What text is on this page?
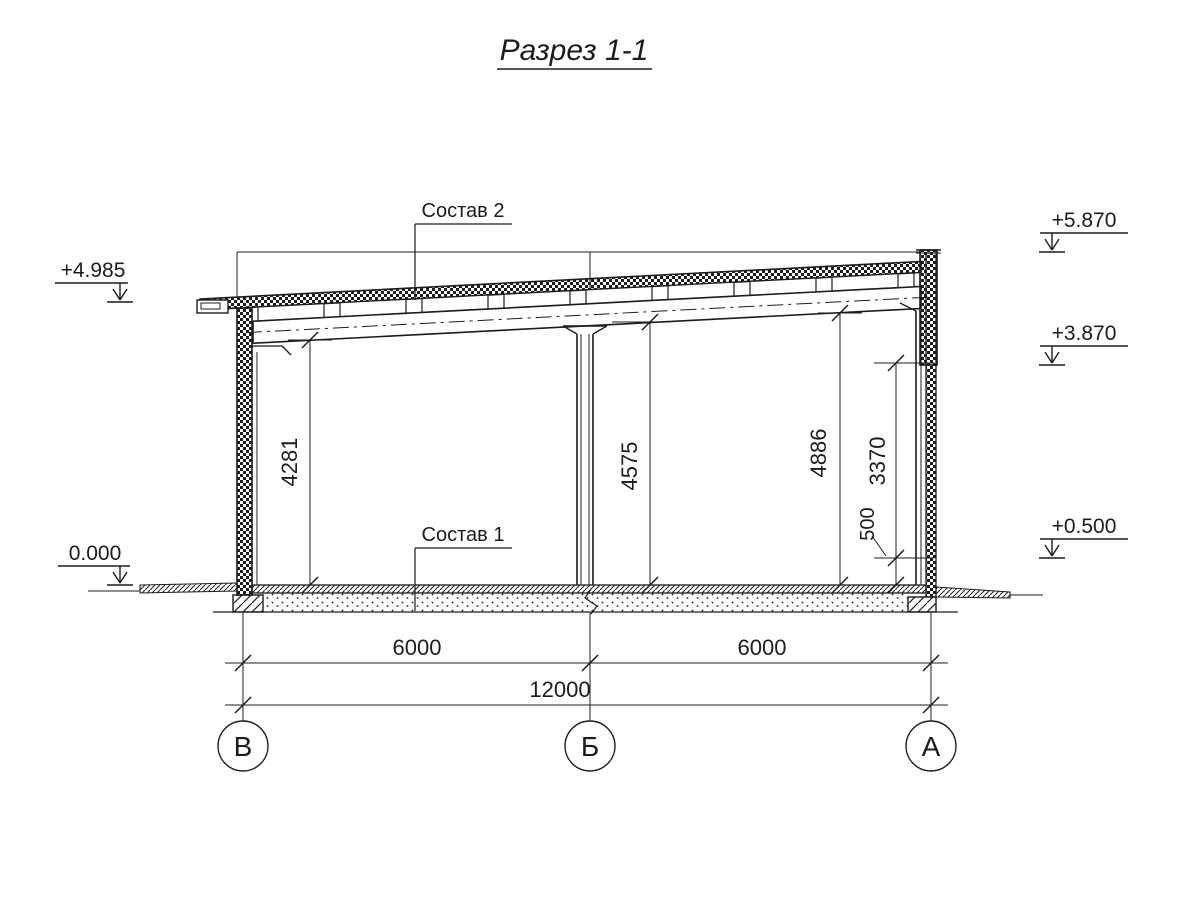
Разрез 1-1
Состав 2
Состав 1
+4.985
0.000
+5.870
+3.870
+0.500
4281	4575	4886 3370
500
6000	6000
12000
В	Б	А
